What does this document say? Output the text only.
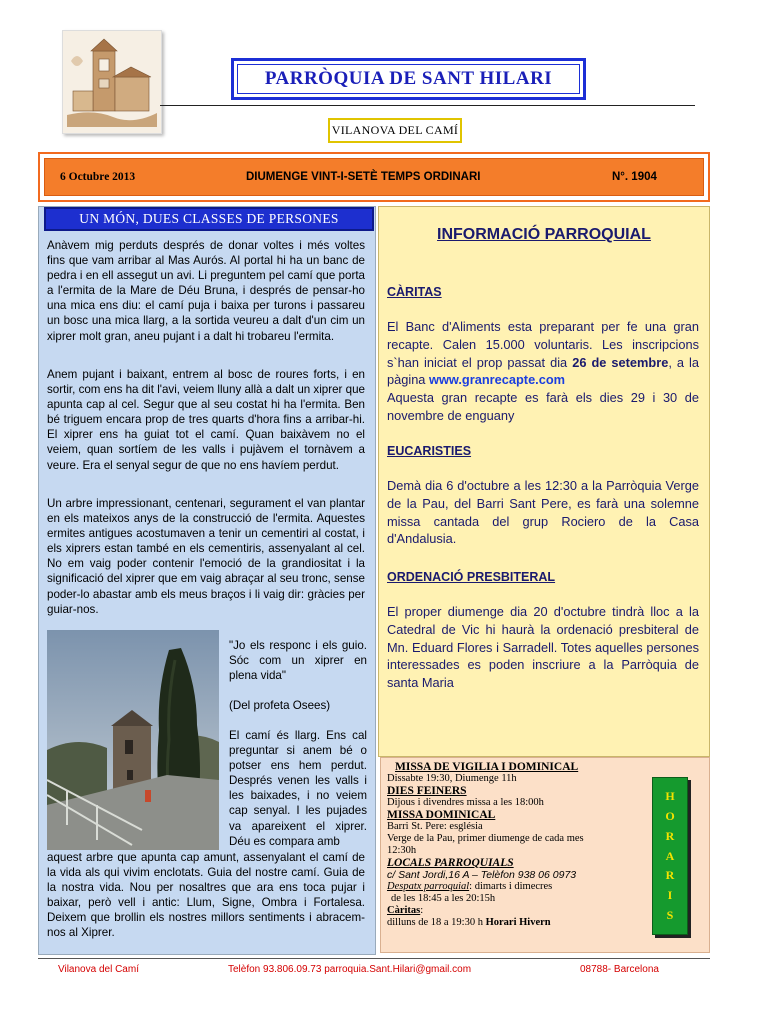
PARRÒQUIA DE SANT HILARI
VILANOVA DEL CAMÍ
6 Octubre 2013	DIUMENGE VINT-I-SETÈ TEMPS ORDINARI	N°. 1904
UN MÓN, DUES CLASSES DE PERSONES

Anàvem mig perduts després de donar voltes i més voltes fins que vam arribar al Mas Aurós. Al portal hi ha un banc de pedra i en ell assegut un avi. Li preguntem pel camí que porta a l'ermita de la Mare de Déu Bruna, i després de pensar-ho una mica ens diu: el camí puja i baixa per turons i passareu un bosc una mica llarg, a la sortida veureu a dalt d'un cim un xiprer molt gran, aneu pujant i a dalt hi trobareu l'ermita.

Anem pujant i baixant, entrem al bosc de roures forts, i en sortir, com ens ha dit l'avi, veiem lluny allà a dalt un xiprer que apunta cap al cel. Segur que al seu costat hi ha l'ermita. Ben bé triguem encara prop de tres quarts d'hora fins a arribar-hi. El xiprer ens ha guiat tot el camí. Quan baixàvem no el veiem, quan sortíem de les valls i pujàvem el tornàvem a veure. Era el senyal segur de que no ens havíem perdut.

Un arbre impressionant, centenari, segurament el van plantar en els mateixos anys de la construcció de l'ermita. Aquestes ermites antigues acostumaven a tenir un cementiri al costat, i els xiprers estan també en els cementiris, assenyalant al cel. No em vaig poder contenir l'emoció de la grandiositat i la significació del xiprer que em vaig abraçar al seu tronc, sense poder-lo abastar amb els meus braços i li vaig dir: gràcies per guiar-nos.

"Jo els responc i els guio. Sóc com un xiprer en plena vida"

(Del profeta Osees)

El camí és llarg. Ens cal preguntar si anem bé o potser ens hem perdut. Després venen les valls i les baixades, i no veiem cap senyal. I les pujades va apareixent el xiprer. Déu es compara amb

aquest arbre que apunta cap amunt, assenyalant el camí de la vida als qui vivim enclotats. Guia del nostre camí. Guia de la nostra vida. Nou per nosaltres que ara ens toca pujar i baixar, però vell i antic: Llum, Signe, Ombra i Fortalesa. Deixem que brollin els nostres millors sentiments i abracem-nos al Xiprer.

INFORMACIÓ PARROQUIAL
CÀRITAS

El Banc d'Aliments esta preparant per fe una gran recapte. Calen 15.000 voluntaris. Les inscripcions s`han iniciat el prop passat dia 26 de setembre, a la pàgina www.granrecapte.com
Aquesta gran recapte es farà els dies 29 i 30 de novembre de enguany

EUCARISTIES

Demà dia 6 d'octubre a les 12:30 a la Parròquia Verge de la Pau, del Barri Sant Pere, es farà una solemne missa cantada del grup Rociero de la Casa d'Andalusia.

ORDENACIÓ PRESBITERAL

El proper diumenge dia 20 d'octubre tindrà lloc a la Catedral de Vic hi haurà la ordenació presbiteral de Mn. Eduard Flores i Sarradell. Totes aquelles persones interessades es poden inscriure a la Parròquia de santa Maria

MISSA DE VIGILIA I DOMINICAL
Dissabte 19:30, Diumenge 11h
DIES FEINERS
Dijous i divendres missa a les 18:00h
MISSA DOMINICAL
Barri St. Pere: església
Verge de la Pau, primer diumenge de cada mes
12:30h
LOCALS PARROQUIALS
c/ Sant Jordi,16 A – Telèfon 938 06 0973
Despatx parroquial: dimarts i dimecres
de les 18:45 a les 20:15h
Càritas:
dilluns de 18 a 19:30 h Horari Hivern
H
O
R
A
R
I
S
Vilanova del Camí	Telèfon 93.806.09.73 parroquia.Sant.Hilari@gmail.com	08788- Barcelona
